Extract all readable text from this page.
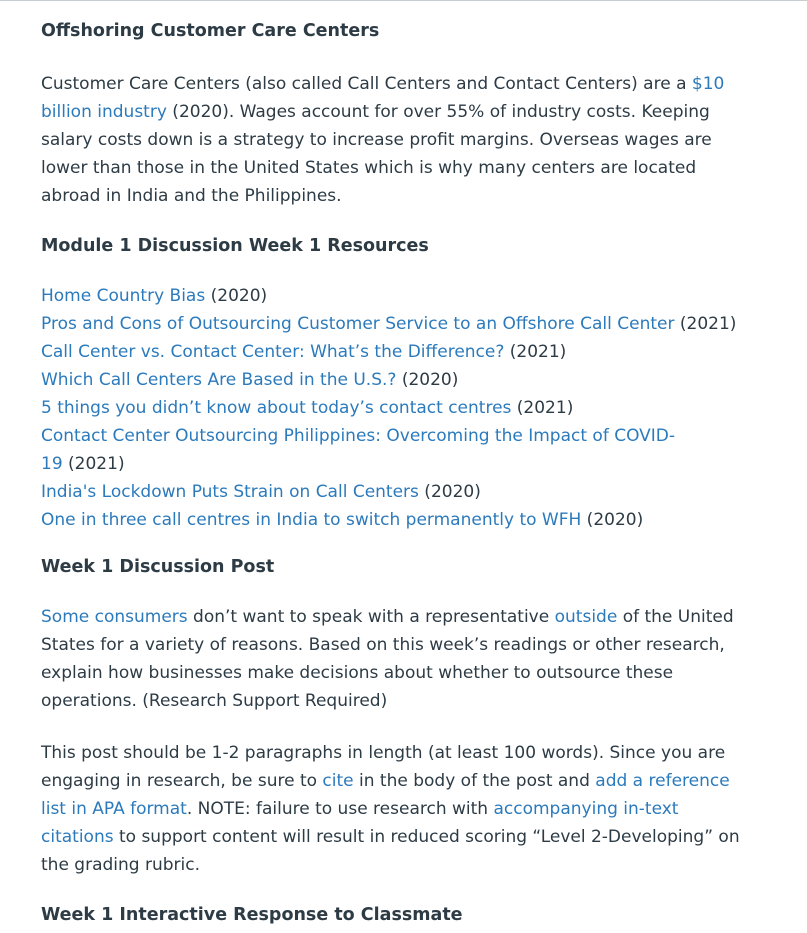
Offshoring Customer Care Centers

Customer Care Centers (also called Call Centers and Contact Centers) are a $10
billion industry (2020). Wages account for over 55% of industry costs. Keeping
salary costs down is a strategy to increase profit margins. Overseas wages are
lower than those in the United States which is why many centers are located
abroad in India and the Philippines.

Module 1 Discussion Week 1 Resources
Home Country Bias (2020)
Pros and Cons of Outsourcing Customer Service to an Offshore Call Center (2021)
Call Center vs. Contact Center: What’s the Difference? (2021)
Which Call Centers Are Based in the U.S.? (2020)
5 things you didn’t know about today’s contact centres (2021)
Contact Center Outsourcing Philippines: Overcoming the Impact of COVID-
19 (2021)
India's Lockdown Puts Strain on Call Centers (2020)
One in three call centres in India to switch permanently to WFH (2020)
Week 1 Discussion Post

Some consumers don’t want to speak with a representative outside of the United
States for a variety of reasons. Based on this week’s readings or other research,
explain how businesses make decisions about whether to outsource these
operations. (Research Support Required)

This post should be 1-2 paragraphs in length (at least 100 words). Since you are
engaging in research, be sure to cite in the body of the post and add a reference
list in APA format. NOTE: failure to use research with accompanying in-text
citations to support content will result in reduced scoring “Level 2-Developing” on
the grading rubric.

Week 1 Interactive Response to Classmate
